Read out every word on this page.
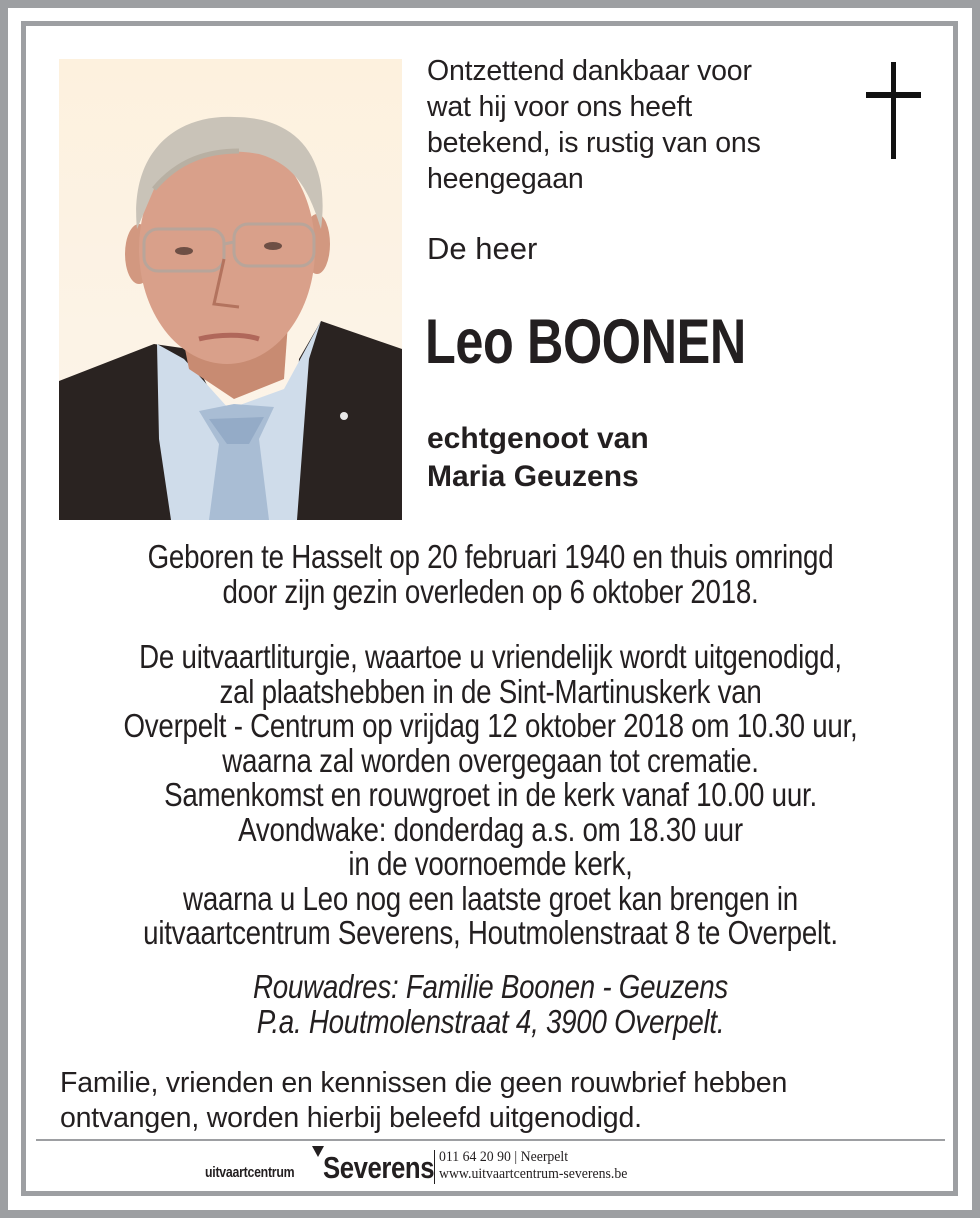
Ontzettend dankbaar voor
wat hij voor ons heeft
betekend, is rustig van ons
heengegaan
De heer
Leo BOONEN
echtgenoot van
Maria Geuzens
Geboren te Hasselt op 20 februari 1940 en thuis omringd
door zijn gezin overleden op 6 oktober 2018.
De uitvaartliturgie, waartoe u vriendelijk wordt uitgenodigd,
zal plaatshebben in de Sint-Martinuskerk van
Overpelt - Centrum op vrijdag 12 oktober 2018 om 10.30 uur,
waarna zal worden overgegaan tot crematie.
Samenkomst en rouwgroet in de kerk vanaf 10.00 uur.
Avondwake: donderdag a.s. om 18.30 uur
in de voornoemde kerk,
waarna u Leo nog een laatste groet kan brengen in
uitvaartcentrum Severens, Houtmolenstraat 8 te Overpelt.
Rouwadres: Familie Boonen - Geuzens
P.a. Houtmolenstraat 4, 3900 Overpelt.
Familie, vrienden en kennissen die geen rouwbrief hebben
ontvangen, worden hierbij beleefd uitgenodigd.
uitvaartcentrum Severens 011 64 20 90 | Neerpelt
www.uitvaartcentrum-severens.be
